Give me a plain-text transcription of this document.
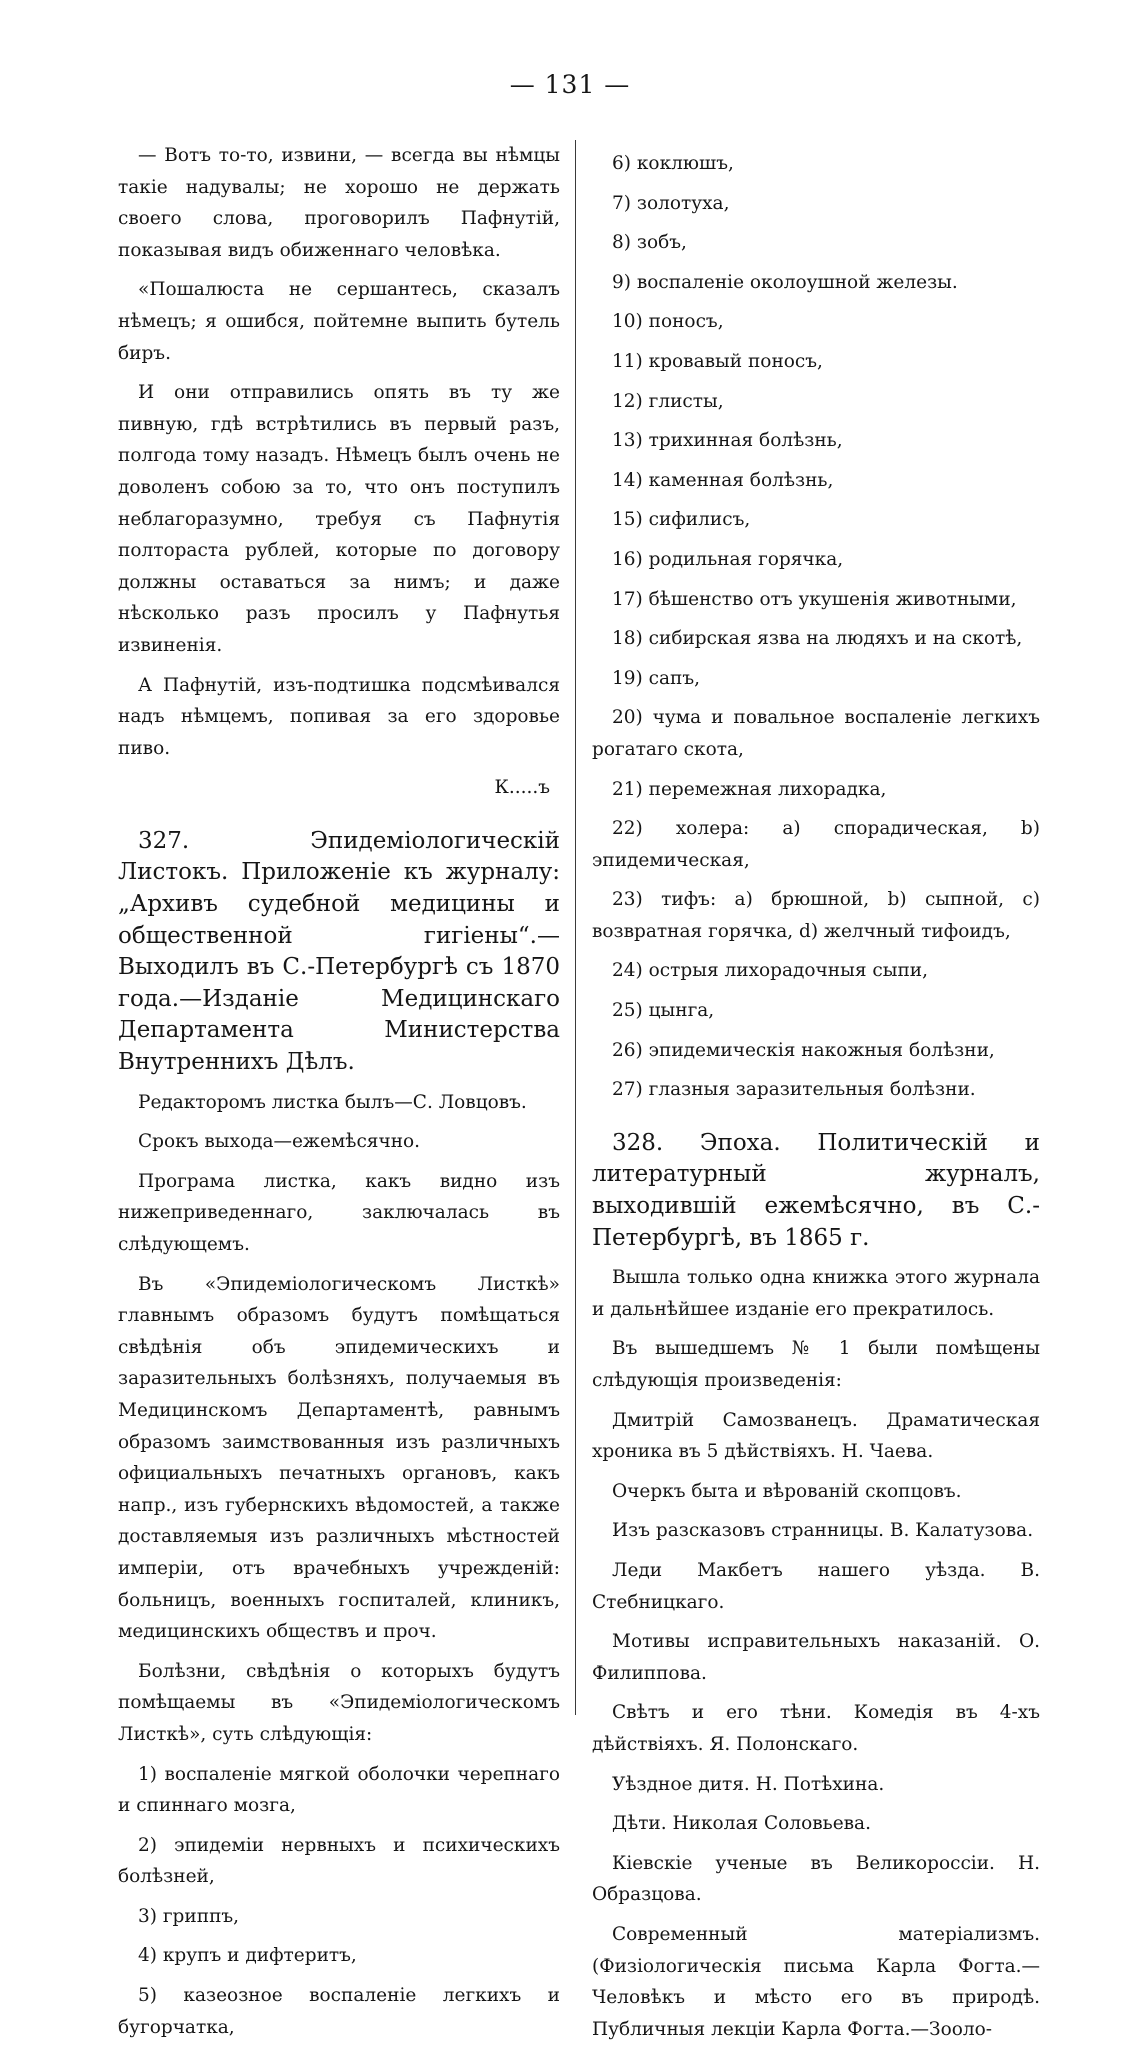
— 131 —

— Вотъ то-то, извини, — всегда вы нѣмцы такіе надувалы; не хорошо не держать своего слова, проговорилъ Пафнутій, показывая видъ обиженнаго человѣка.

«Пошалюста не сершантесь, сказалъ нѣмецъ; я ошибся, пойтемне выпить бутель биръ.

И они отправились опять въ ту же пивную, гдѣ встрѣтились въ первый разъ, полгода тому назадъ. Нѣмецъ былъ очень не доволенъ собою за то, что онъ поступилъ неблагоразумно, требуя съ Пафнутія полтораста рублей, которые по договору должны оставаться за нимъ; и даже нѣсколько разъ просилъ у Пафнутья извиненія.

А Пафнутій, изъ-подтишка подсмѣивался надъ нѣмцемъ, попивая за его здоровье пиво.

К.....ъ

327. Эпидеміологическій Листокъ. Приложеніе къ журналу: „Архивъ судебной медицины и общественной гигіены“.— Выходилъ въ С.-Петербургѣ съ 1870 года.—Изданіе Медицинскаго Департамента Министерства Внутреннихъ Дѣлъ.

Редакторомъ листка былъ—С. Ловцовъ.

Срокъ выхода—ежемѣсячно.

Програма листка, какъ видно изъ нижеприведеннаго, заключалась въ слѣдующемъ.

Въ «Эпидеміологическомъ Листкѣ» главнымъ образомъ будутъ помѣщаться свѣдѣнія объ эпидемическихъ и заразительныхъ болѣзняхъ, получаемыя въ Медицинскомъ Департаментѣ, равнымъ образомъ заимствованныя изъ различныхъ официальныхъ печатныхъ органовъ, какъ напр., изъ губернскихъ вѣдомостей, а также доставляемыя изъ различныхъ мѣстностей имперіи, отъ врачебныхъ учрежденій: больницъ, военныхъ госпиталей, клиникъ, медицинскихъ обществъ и проч.

Болѣзни, свѣдѣнія о которыхъ будутъ помѣщаемы въ «Эпидеміологическомъ Листкѣ», суть слѣдующія:

1) воспаленіе мягкой оболочки черепнаго и спиннаго мозга,

2) эпидеміи нервныхъ и психическихъ болѣзней,

3) гриппъ,

4) крупъ и дифтеритъ,

5) казеозное воспаленіе легкихъ и бугорчатка,

6) коклюшъ,

7) золотуха,

8) зобъ,

9) воспаленіе околоушной железы.

10) поносъ,

11) кровавый поносъ,

12) глисты,

13) трихинная болѣзнь,

14) каменная болѣзнь,

15) сифилисъ,

16) родильная горячка,

17) бѣшенство отъ укушенія животными,

18) сибирская язва на людяхъ и на скотѣ,

19) сапъ,

20) чума и повальное воспаленіе легкихъ рогатаго скота,

21) перемежная лихорадка,

22) холера: a) спорадическая, b) эпидемическая,

23) тифъ: a) брюшной, b) сыпной, c) возвратная горячка, d) желчный тифоидъ,

24) острыя лихорадочныя сыпи,

25) цынга,

26) эпидемическія накожныя болѣзни,

27) глазныя заразительныя болѣзни.

328. Эпоха. Политическій и литературный журналъ, выходившій ежемѣсячно, въ С.-Петербургѣ, въ 1865 г.

Вышла только одна книжка этого журнала и дальнѣйшее изданіе его прекратилось.

Въ вышедшемъ № 1 были помѣщены слѣдующія произведенія:

Дмитрій Самозванецъ. Драматическая хроника въ 5 дѣйствіяхъ. Н. Чаева.

Очеркъ быта и вѣрованій скопцовъ.

Изъ разсказовъ странницы. В. Калатузова.

Леди Макбетъ нашего уѣзда. В. Стебницкаго.

Мотивы исправительныхъ наказаній. О. Филиппова.

Свѣтъ и его тѣни. Комедія въ 4-хъ дѣйствіяхъ. Я. Полонскаго.

Уѣздное дитя. Н. Потѣхина.

Дѣти. Николая Соловьева.

Кіевскіе ученые въ Великороссіи. Н. Образцова.

Современный матеріализмъ. (Физіологическія письма Карла Фогта.—Человѣкъ и мѣсто его въ природѣ. Публичныя лекціи Карла Фогта.—Зооло-
